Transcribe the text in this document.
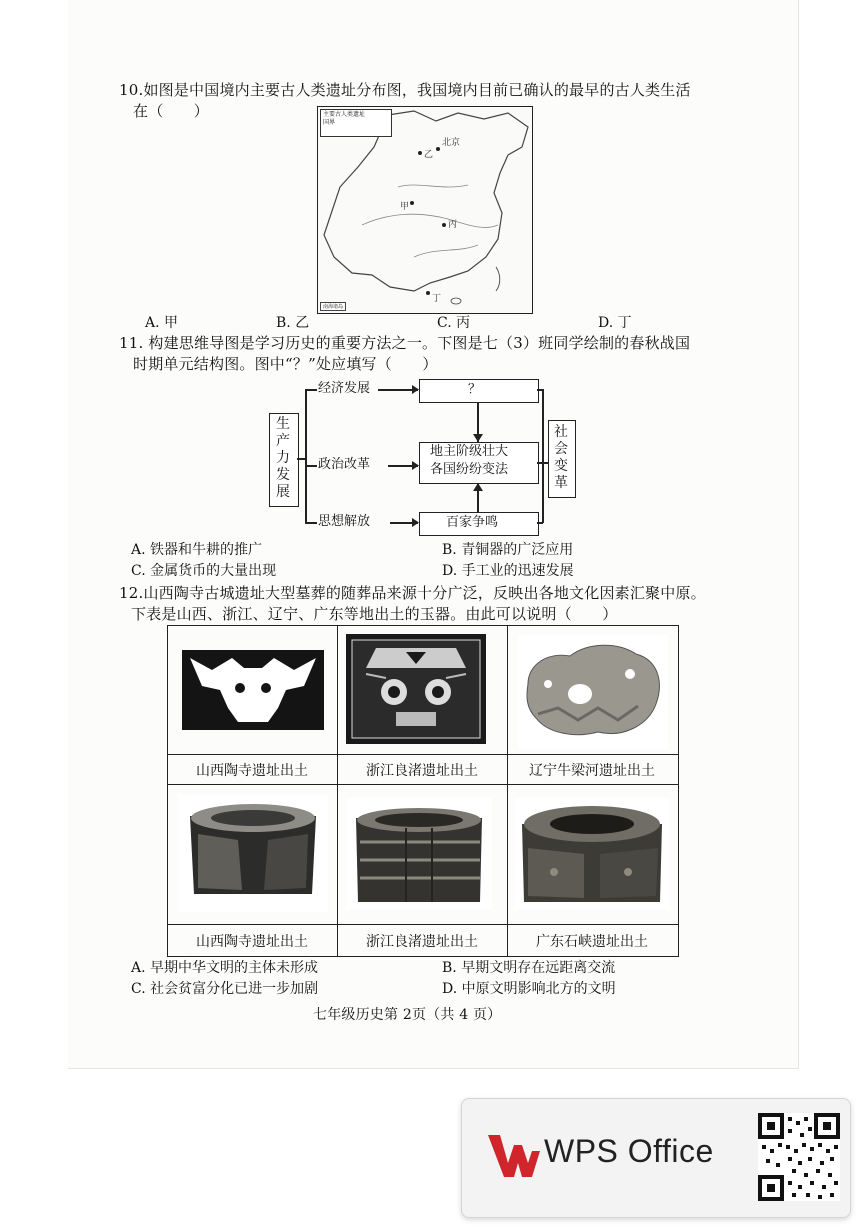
10.如图是中国境内主要古人类遗址分布图，我国境内目前已确认的最早的古人类生活
在（　　）	主要古人类遗址
国界
北京
乙
甲
丙
丁
南海诸岛
A. 甲	B. 乙	C. 丙	D. 丁
11. 构建思维导图是学习历史的重要方法之一。下图是七（3）班同学绘制的春秋战国
时期单元结构图。图中“？”处应填写（　　）
生
产
力
发
展
经济发展
政治改革
思想解放
？
地主阶级壮大
各国纷纷变法
百家争鸣
社
会
变
革
A. 铁器和牛耕的推广	B. 青铜器的广泛应用
C. 金属货币的大量出现	D. 手工业的迅速发展
12.山西陶寺古城遗址大型墓葬的随葬品来源十分广泛，反映出各地文化因素汇聚中原。
下表是山西、浙江、辽宁、广东等地出土的玉器。由此可以说明（　　）
山西陶寺遗址出土	浙江良渚遗址出土	辽宁牛梁河遗址出土
山西陶寺遗址出土	浙江良渚遗址出土	广东石峡遗址出土
A. 早期中华文明的主体未形成	B. 早期文明存在远距离交流
C. 社会贫富分化已进一步加剧	D. 中原文明影响北方的文明
七年级历史第 2页（共 4 页）
WPS Office
